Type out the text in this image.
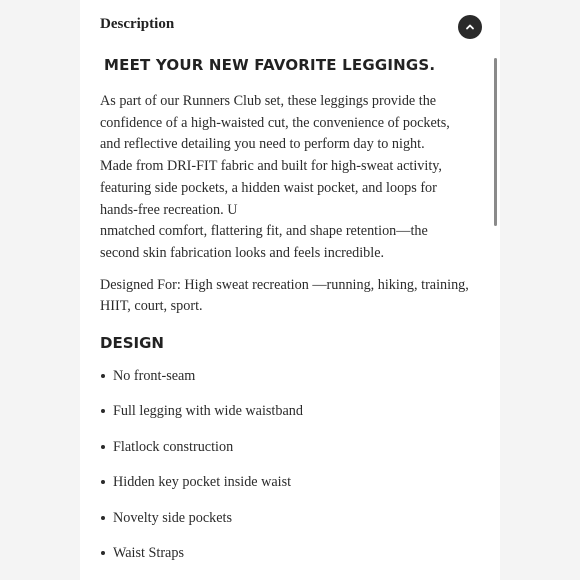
Description
MEET YOUR NEW FAVORITE LEGGINGS.

As part of our Runners Club set, these leggings provide the
confidence of a high-waisted cut, the convenience of pockets,
and reflective detailing you need to perform day to night.
Made from DRI-FIT fabric and built for high-sweat activity,
featuring side pockets, a hidden waist pocket, and loops for
hands-free recreation. U
nmatched comfort, flattering fit, and shape retention—the
second skin fabrication looks and feels incredible.

Designed For: High sweat recreation —running, hiking, training,
HIIT, court, sport.

DESIGN
No front-seam
Full legging with wide waistband
Flatlock construction
Hidden key pocket inside waist
Novelty side pockets
Waist Straps
